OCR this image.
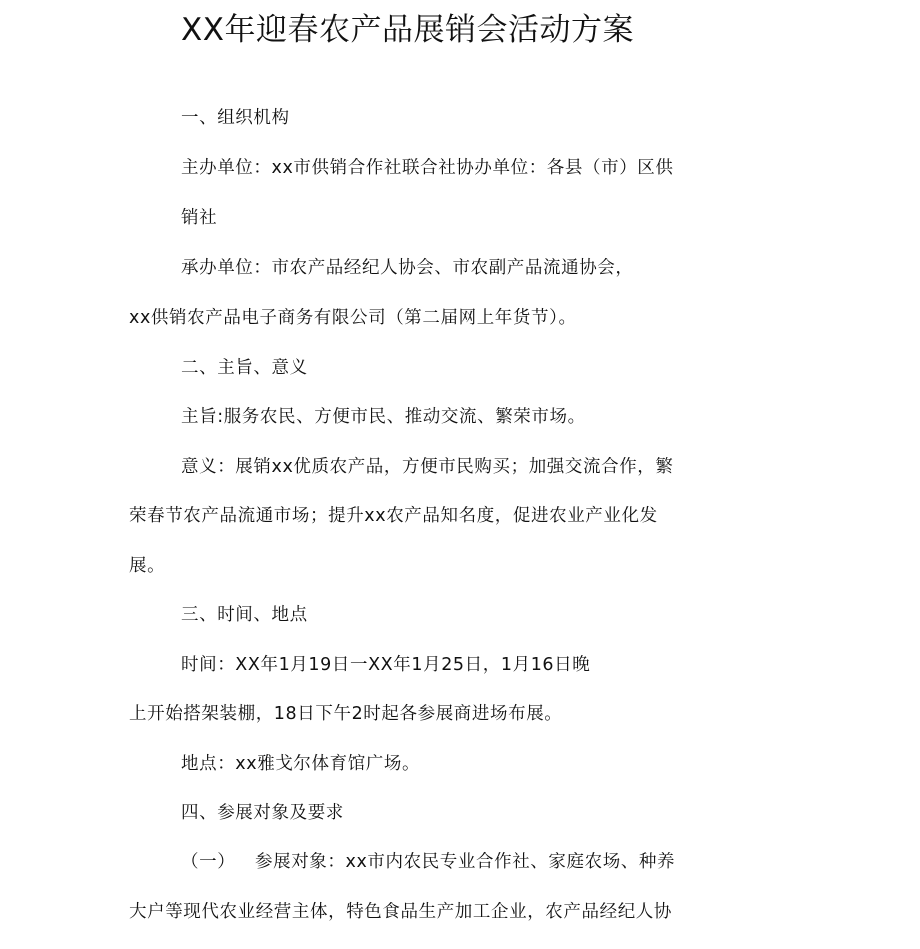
XX年迎春农产品展销会活动方案
一、组织机构
主办单位：xx市供销合作社联合社协办单位：各县（市）区供
销社
承办单位：市农产品经纪人协会、市农副产品流通协会，
xx供销农产品电子商务有限公司（第二届网上年货节）。
二、主旨、意义
主旨:服务农民、方便市民、推动交流、繁荣市场。
意义：展销xx优质农产品，方便市民购买；加强交流合作，繁
荣春节农产品流通市场；提升xx农产品知名度，促进农业产业化发
展。
三、时间、地点
时间：XX年1月19日一XX年1月25日，1月16日晚
上开始搭架装棚，18日下午2时起各参展商进场布展。
地点：xx雅戈尔体育馆广场。
四、参展对象及要求
（一） 参展对象：xx市内农民专业合作社、家庭农场、种养
大户等现代农业经营主体，特色食品生产加工企业，农产品经纪人协
